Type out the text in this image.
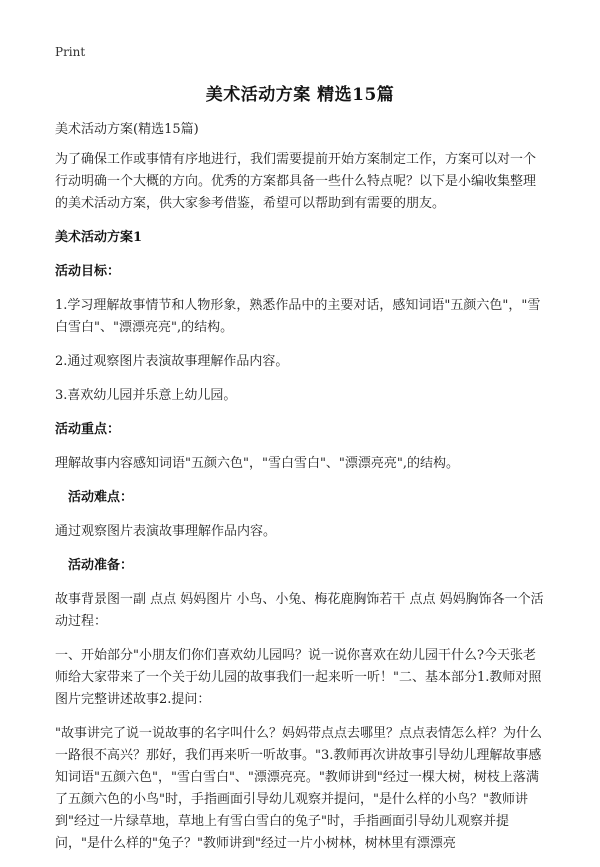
Print
美术活动方案 精选15篇

美术活动方案(精选15篇)

为了确保工作或事情有序地进行，我们需要提前开始方案制定工作，方案可以对一个行动明确一个大概的方向。优秀的方案都具备一些什么特点呢？以下是小编收集整理的美术活动方案，供大家参考借鉴，希望可以帮助到有需要的朋友。

美术活动方案1

活动目标：

1.学习理解故事情节和人物形象，熟悉作品中的主要对话，感知词语"五颜六色"，"雪白雪白"、"漂漂亮亮",的结构。

2.通过观察图片表演故事理解作品内容。

3.喜欢幼儿园并乐意上幼儿园。

活动重点：

理解故事内容感知词语"五颜六色"，"雪白雪白"、"漂漂亮亮",的结构。

活动难点：

通过观察图片表演故事理解作品内容。

活动准备：

故事背景图一副 点点 妈妈图片 小鸟、小兔、梅花鹿胸饰若干 点点 妈妈胸饰各一个活动过程：

一、开始部分"小朋友们你们喜欢幼儿园吗？说一说你喜欢在幼儿园干什么?今天张老师给大家带来了一个关于幼儿园的故事我们一起来听一听！"二、基本部分1.教师对照图片完整讲述故事2.提问：

"故事讲完了说一说故事的名字叫什么？妈妈带点点去哪里？点点表情怎么样？为什么一路很不高兴？那好，我们再来听一听故事。"3.教师再次讲故事引导幼儿理解故事感知词语"五颜六色"，"雪白雪白"、"漂漂亮亮。"教师讲到"经过一棵大树，树枝上落满了五颜六色的小鸟"时，手指画面引导幼儿观察并提问，"是什么样的小鸟？"教师讲到"经过一片绿草地，草地上有雪白雪白的兔子"时，手指画面引导幼儿观察并提问，"是什么样的"兔子？"教师讲到"经过一片小树林，树林里有漂漂亮
